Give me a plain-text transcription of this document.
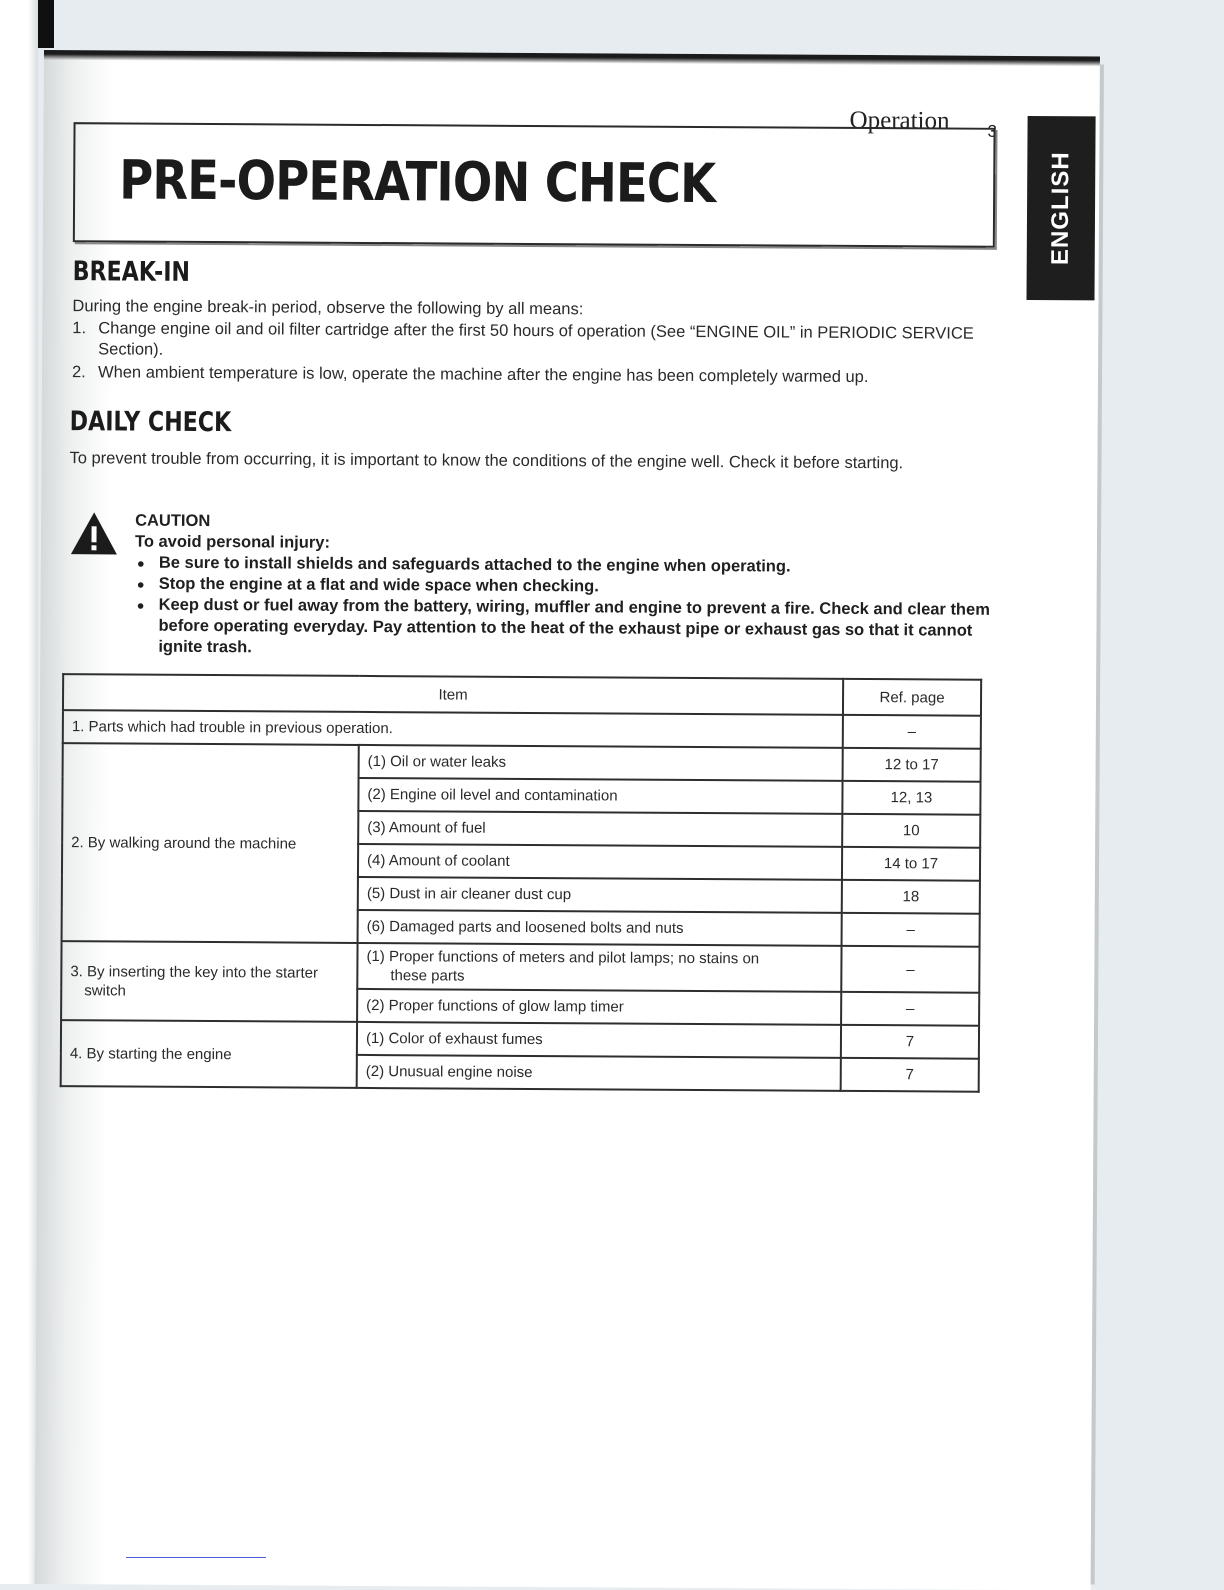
Operation 3
ENGLISH
PRE-OPERATION CHECK
BREAK-IN
During the engine break-in period, observe the following by all means:
1. Change engine oil and oil filter cartridge after the first 50 hours of operation (See “ENGINE OIL” in PERIODIC SERVICE Section).
2. When ambient temperature is low, operate the machine after the engine has been completely warmed up.
DAILY CHECK
To prevent trouble from occurring, it is important to know the conditions of the engine well. Check it before starting.
CAUTION
To avoid personal injury:
● Be sure to install shields and safeguards attached to the engine when operating.
● Stop the engine at a flat and wide space when checking.
● Keep dust or fuel away from the battery, wiring, muffler and engine to prevent a fire. Check and clear them before operating everyday. Pay attention to the heat of the exhaust pipe or exhaust gas so that it cannot ignite trash.
Item		Ref. page
1. Parts which had trouble in previous operation.		–
2. By walking around the machine	(1) Oil or water leaks	12 to 17
	(2) Engine oil level and contamination	12, 13
	(3) Amount of fuel	10
	(4) Amount of coolant	14 to 17
	(5) Dust in air cleaner dust cup	18
	(6) Damaged parts and loosened bolts and nuts	–

3. By inserting the key into the starter
switch	(1) Proper functions of meters and pilot lamps; no stains on
these parts	–
	(2) Proper functions of glow lamp timer	–
4. By starting the engine	(1) Color of exhaust fumes	7
	(2) Unusual engine noise	7
